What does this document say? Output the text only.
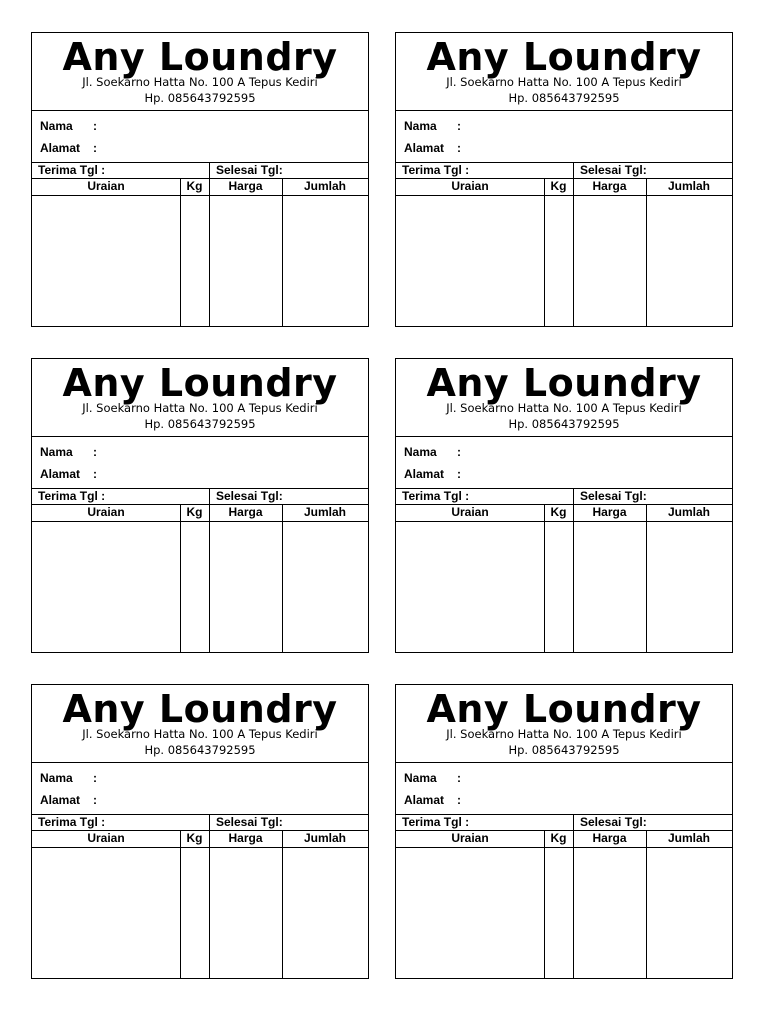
Any Loundry
Jl. Soekarno Hatta No. 100 A Tepus Kediri
Hp. 085643792595
Nama :
Alamat :
Terima Tgl :	Selesai Tgl:
Uraian	Kg	Harga	Jumlah
Any Loundry
Jl. Soekarno Hatta No. 100 A Tepus Kediri
Hp. 085643792595
Nama :
Alamat :
Terima Tgl :	Selesai Tgl:
Uraian	Kg	Harga	Jumlah
Any Loundry
Jl. Soekarno Hatta No. 100 A Tepus Kediri
Hp. 085643792595
Nama :
Alamat :
Terima Tgl :	Selesai Tgl:
Uraian	Kg	Harga	Jumlah
Any Loundry
Jl. Soekarno Hatta No. 100 A Tepus Kediri
Hp. 085643792595
Nama :
Alamat :
Terima Tgl :	Selesai Tgl:
Uraian	Kg	Harga	Jumlah
Any Loundry
Jl. Soekarno Hatta No. 100 A Tepus Kediri
Hp. 085643792595
Nama :
Alamat :
Terima Tgl :	Selesai Tgl:
Uraian	Kg	Harga	Jumlah
Any Loundry
Jl. Soekarno Hatta No. 100 A Tepus Kediri
Hp. 085643792595
Nama :
Alamat :
Terima Tgl :	Selesai Tgl:
Uraian	Kg	Harga	Jumlah
